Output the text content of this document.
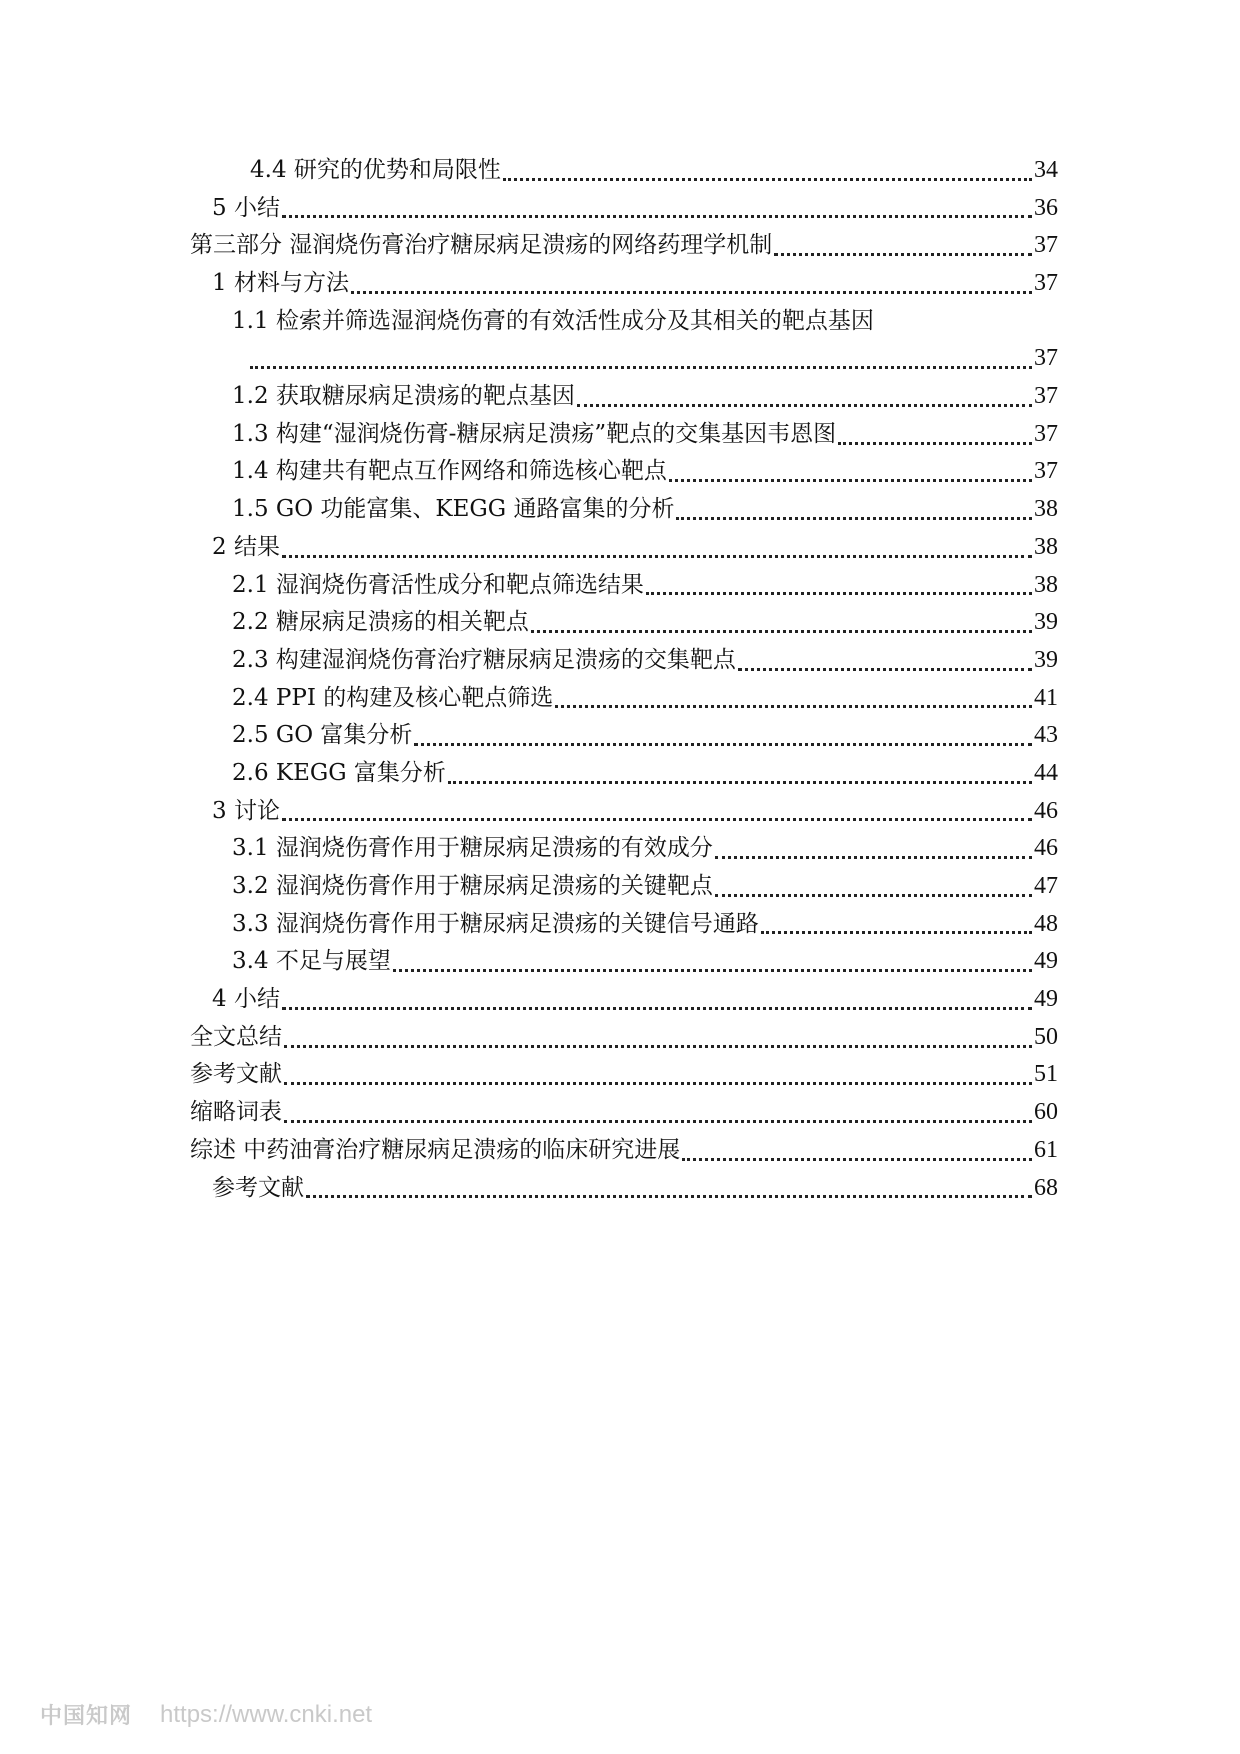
4.4 研究的优势和局限性	34
5 小结	36
第三部分 湿润烧伤膏治疗糖尿病足溃疡的网络药理学机制	37
1 材料与方法	37
1.1 检索并筛选湿润烧伤膏的有效活性成分及其相关的靶点基因
37
1.2 获取糖尿病足溃疡的靶点基因	37
1.3 构建“湿润烧伤膏-糖尿病足溃疡”靶点的交集基因韦恩图	37
1.4 构建共有靶点互作网络和筛选核心靶点	37
1.5 GO 功能富集、KEGG 通路富集的分析	38
2 结果	38
2.1 湿润烧伤膏活性成分和靶点筛选结果	38
2.2 糖尿病足溃疡的相关靶点	39
2.3 构建湿润烧伤膏治疗糖尿病足溃疡的交集靶点	39
2.4 PPI 的构建及核心靶点筛选	41
2.5 GO 富集分析	43
2.6 KEGG 富集分析	44
3 讨论	46
3.1 湿润烧伤膏作用于糖尿病足溃疡的有效成分	46
3.2 湿润烧伤膏作用于糖尿病足溃疡的关键靶点	47
3.3 湿润烧伤膏作用于糖尿病足溃疡的关键信号通路	48
3.4 不足与展望	49
4 小结	49
全文总结	50
参考文献	51
缩略词表	60
综述 中药油膏治疗糖尿病足溃疡的临床研究进展	61
参考文献	68
中国知网 https://www.cnki.net
